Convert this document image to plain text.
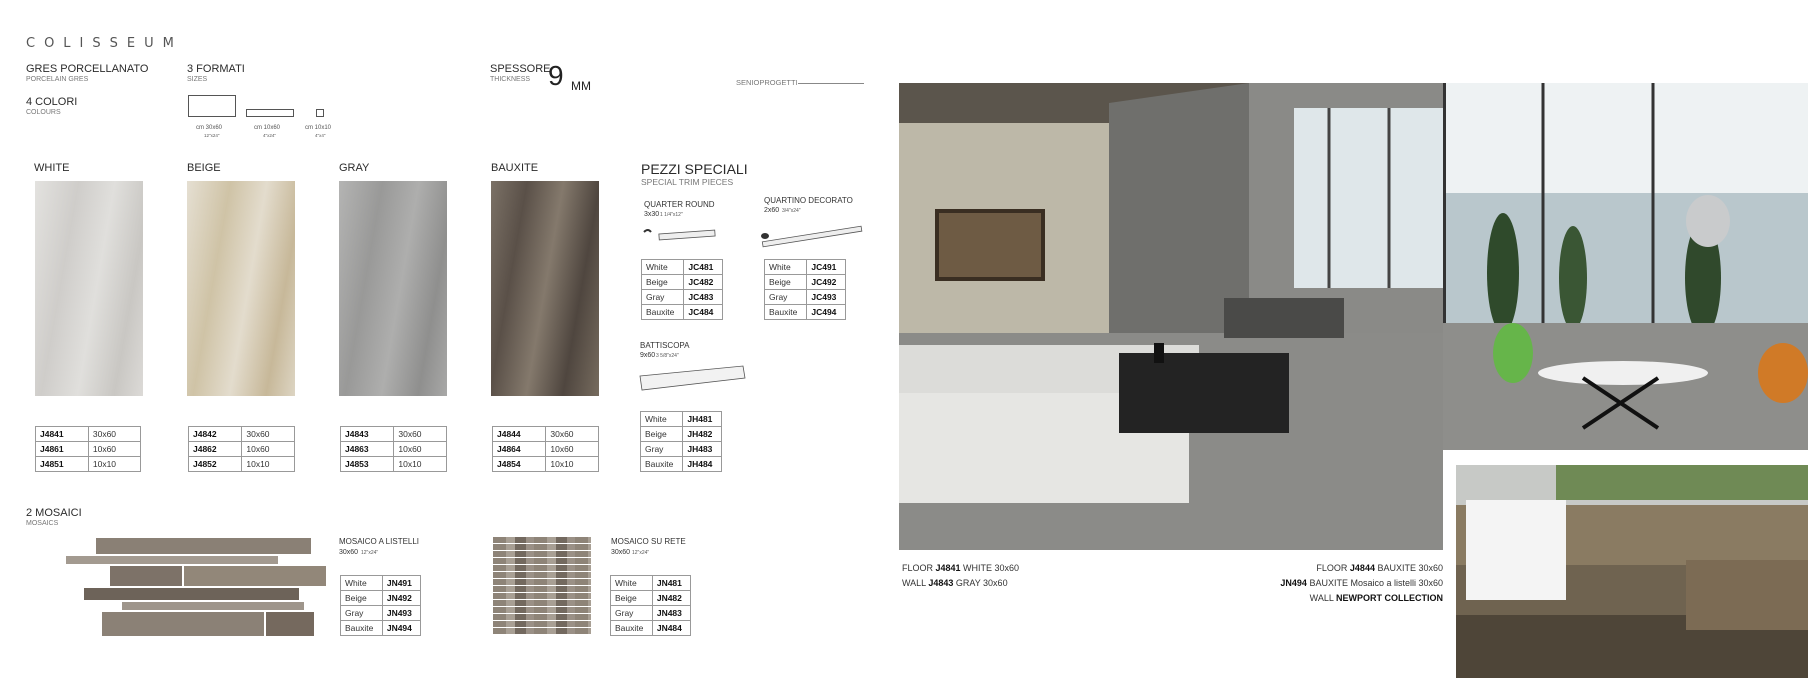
COLISSEUM
GRES PORCELLANATO
PORCELAIN GRES
4 COLORI
COLOURS
3 FORMATI
SIZES
cm 30x60
12"x24"
cm 10x60
4"x24"
cm 10x10
4"x4"
SPESSORE
THICKNESS 9 MM	SENIOPROGETTI
WHITE	BEIGE	GRAY	BAUXITE
J4841	30x60
J4861	10x60
J4851	10x10
J4842	30x60
J4862	10x60
J4852	10x10
J4843	30x60
J4863	10x60
J4853	10x10
J4844	30x60
J4864	10x60
J4854	10x10
PEZZI SPECIALI
SPECIAL TRIM PIECES
QUARTER ROUND
3x30 1 1/4"x12"
White	JC481
Beige	JC482
Gray	JC483
Bauxite	JC484
QUARTINO DECORATO
2x60 3/4"x24"
White	JC491
Beige	JC492
Gray	JC493
Bauxite	JC494
BATTISCOPA
9x60 3 5/8"x24"
White	JH481
Beige	JH482
Gray	JH483
Bauxite	JH484
2 MOSAICI
MOSAICS
MOSAICO A LISTELLI
30x60 12"x24"
White	JN491
Beige	JN492
Gray	JN493
Bauxite	JN494
MOSAICO SU RETE
30x60 12"x24"
White	JN481
Beige	JN482
Gray	JN483
Bauxite	JN484
FLOOR J4841 WHITE 30x60
WALL J4843 GRAY 30x60
FLOOR J4844 BAUXITE 30x60
JN494 BAUXITE Mosaico a listelli 30x60
WALL NEWPORT COLLECTION
